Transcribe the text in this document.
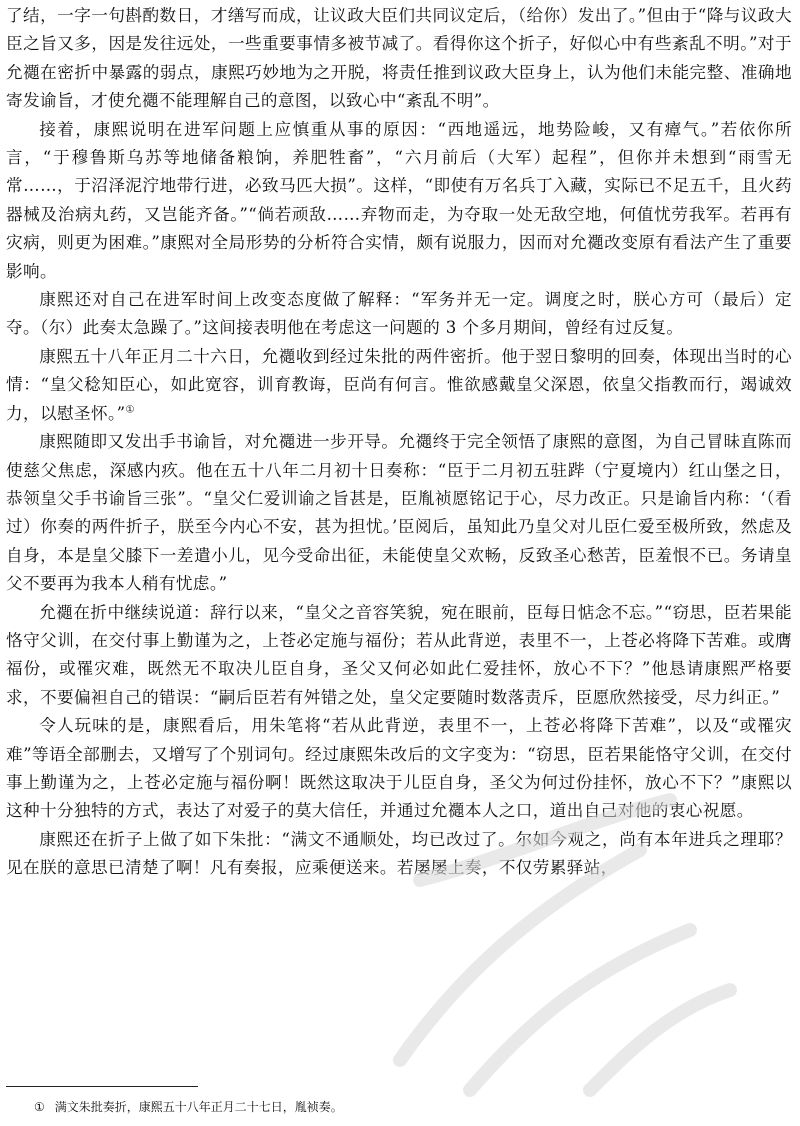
了结，一字一句斟酌数日，才缮写而成，让议政大臣们共同议定后，（给你）发出了。”但由于“降与议政大臣之旨又多，因是发往远处，一些重要事情多被节减了。看得你这个折子，好似心中有些紊乱不明。”对于允禵在密折中暴露的弱点，康熙巧妙地为之开脱，将责任推到议政大臣身上，认为他们未能完整、准确地寄发谕旨，才使允禵不能理解自己的意图，以致心中“紊乱不明”。

接着，康熙说明在进军问题上应慎重从事的原因：“西地遥远，地势险峻，又有瘴气。”若依你所言，“于穆鲁斯乌苏等地储备粮饷，养肥牲畜”，“六月前后（大军）起程”，但你并未想到“雨雪无常……，于沼泽泥泞地带行进，必致马匹大损”。这样，“即使有万名兵丁入藏，实际已不足五千，且火药器械及治病丸药，又岂能齐备。”“倘若顽敌……弃物而走，为夺取一处无敌空地，何值忧劳我军。若再有灾病，则更为困难。”康熙对全局形势的分析符合实情，颇有说服力，因而对允禵改变原有看法产生了重要影响。

康熙还对自己在进军时间上改变态度做了解释：“军务并无一定。调度之时，朕心方可（最后）定夺。（尔）此奏太急躁了。”这间接表明他在考虑这一问题的 3 个多月期间，曾经有过反复。

康熙五十八年正月二十六日，允禵收到经过朱批的两件密折。他于翌日黎明的回奏，体现出当时的心情：“皇父稔知臣心，如此宽容，训育教诲，臣尚有何言。惟欲感戴皇父深恩，依皇父指教而行，竭诚效力，以慰圣怀。”①

康熙随即又发出手书谕旨，对允禵进一步开导。允禵终于完全领悟了康熙的意图，为自己冒昧直陈而使慈父焦虑，深感内疚。他在五十八年二月初十日奏称：“臣于二月初五驻跸（宁夏境内）红山堡之日，恭领皇父手书谕旨三张”。“皇父仁爱训谕之旨甚是，臣胤祯愿铭记于心，尽力改正。只是谕旨内称：‘（看过）你奏的两件折子，朕至今内心不安，甚为担忧。’臣阅后，虽知此乃皇父对儿臣仁爱至极所致，然虑及自身，本是皇父膝下一差遣小儿，见今受命出征，未能使皇父欢畅，反致圣心愁苦，臣羞恨不已。务请皇父不要再为我本人稍有忧虑。”

允禵在折中继续说道：辞行以来，“皇父之音容笑貌，宛在眼前，臣每日惦念不忘。”“窃思，臣若果能恪守父训，在交付事上勤谨为之，上苍必定施与福份；若从此背逆，表里不一，上苍必将降下苦难。或膺福份，或罹灾难，既然无不取决儿臣自身，圣父又何必如此仁爱挂怀，放心不下？”他恳请康熙严格要求，不要偏袒自己的错误：“嗣后臣若有舛错之处，皇父定要随时数落责斥，臣愿欣然接受，尽力纠正。”

令人玩味的是，康熙看后，用朱笔将“若从此背逆，表里不一，上苍必将降下苦难”，以及“或罹灾难”等语全部删去，又增写了个别词句。经过康熙朱改后的文字变为：“窃思，臣若果能恪守父训，在交付事上勤谨为之，上苍必定施与福份啊！既然这取决于儿臣自身，圣父为何过份挂怀，放心不下？”康熙以这种十分独特的方式，表达了对爱子的莫大信任，并通过允禵本人之口，道出自己对他的衷心祝愿。

康熙还在折子上做了如下朱批：“满文不通顺处，均已改过了。尔如今观之，尚有本年进兵之理耶？见在朕的意思已清楚了啊！凡有奏报，应乘便送来。若屡屡上奏，不仅劳累驿站，

① 满文朱批奏折，康熙五十八年正月二十七日，胤祯奏。
